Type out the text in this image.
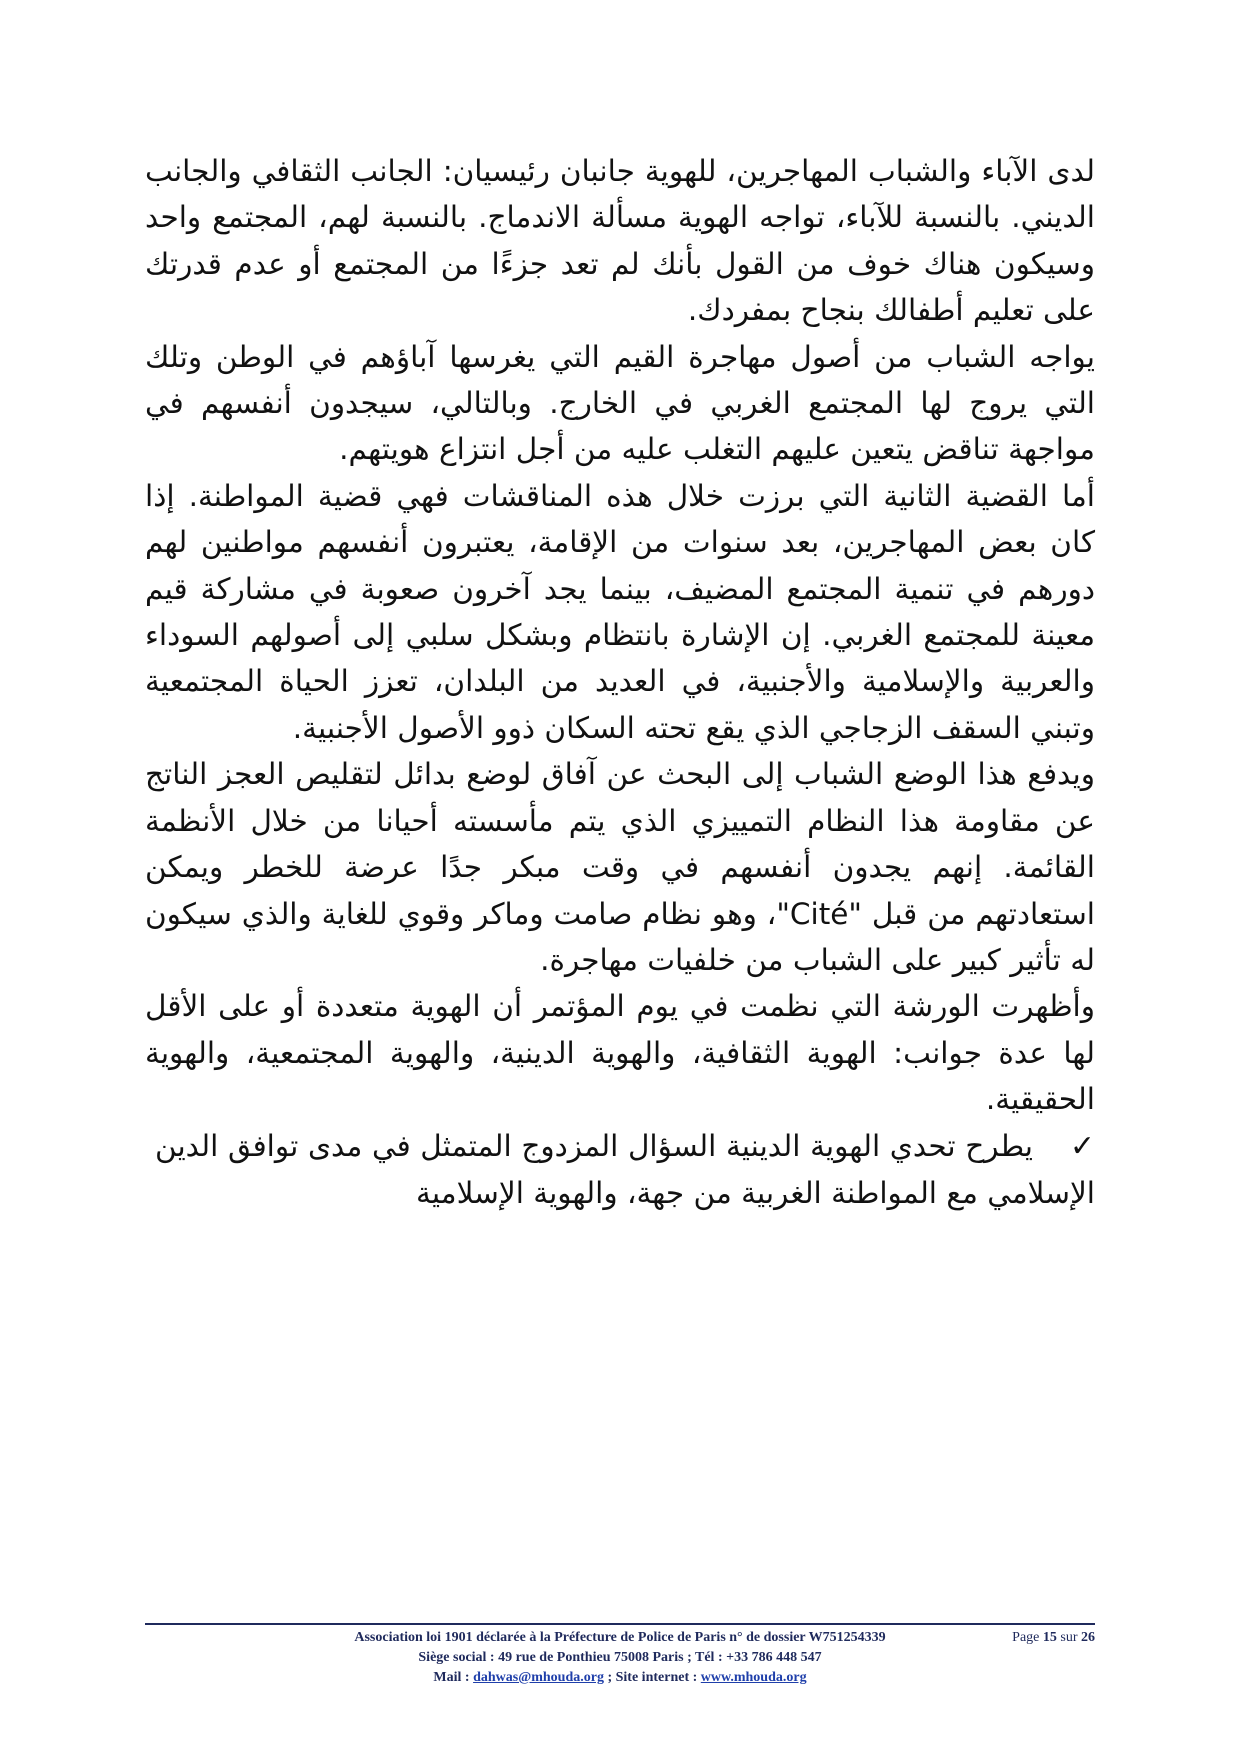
لدى الآباء والشباب المهاجرين، للهوية جانبان رئيسيان: الجانب الثقافي والجانب الديني. بالنسبة للآباء، تواجه الهوية مسألة الاندماج. بالنسبة لهم، المجتمع واحد وسيكون هناك خوف من القول بأنك لم تعد جزءًا من المجتمع أو عدم قدرتك على تعليم أطفالك بنجاح بمفردك.

يواجه الشباب من أصول مهاجرة القيم التي يغرسها آباؤهم في الوطن وتلك التي يروج لها المجتمع الغربي في الخارج. وبالتالي، سيجدون أنفسهم في مواجهة تناقض يتعين عليهم التغلب عليه من أجل انتزاع هويتهم.

أما القضية الثانية التي برزت خلال هذه المناقشات فهي قضية المواطنة. إذا كان بعض المهاجرين، بعد سنوات من الإقامة، يعتبرون أنفسهم مواطنين لهم دورهم في تنمية المجتمع المضيف، بينما يجد آخرون صعوبة في مشاركة قيم معينة للمجتمع الغربي. إن الإشارة بانتظام وبشكل سلبي إلى أصولهم السوداء والعربية والإسلامية والأجنبية، في العديد من البلدان، تعزز الحياة المجتمعية وتبني السقف الزجاجي الذي يقع تحته السكان ذوو الأصول الأجنبية.

ويدفع هذا الوضع الشباب إلى البحث عن آفاق لوضع بدائل لتقليص العجز الناتج عن مقاومة هذا النظام التمييزي الذي يتم مأسسته أحيانا من خلال الأنظمة القائمة. إنهم يجدون أنفسهم في وقت مبكر جدًا عرضة للخطر ويمكن استعادتهم من قبل "Cité"، وهو نظام صامت وماكر وقوي للغاية والذي سيكون له تأثير كبير على الشباب من خلفيات مهاجرة.

وأظهرت الورشة التي نظمت في يوم المؤتمر أن الهوية متعددة أو على الأقل لها عدة جوانب: الهوية الثقافية، والهوية الدينية، والهوية المجتمعية، والهوية الحقيقية.

✓يطرح تحدي الهوية الدينية السؤال المزدوج المتمثل في مدى توافق الدين الإسلامي مع المواطنة الغربية من جهة، والهوية الإسلامية

Association loi 1901 déclarée à la Préfecture de Police de Paris n° de dossier W751254339	Page 15 sur 26
Siège social : 49 rue de Ponthieu 75008 Paris ; Tél : +33 786 448 547
Mail : dahwas@mhouda.org ; Site internet : www.mhouda.org
